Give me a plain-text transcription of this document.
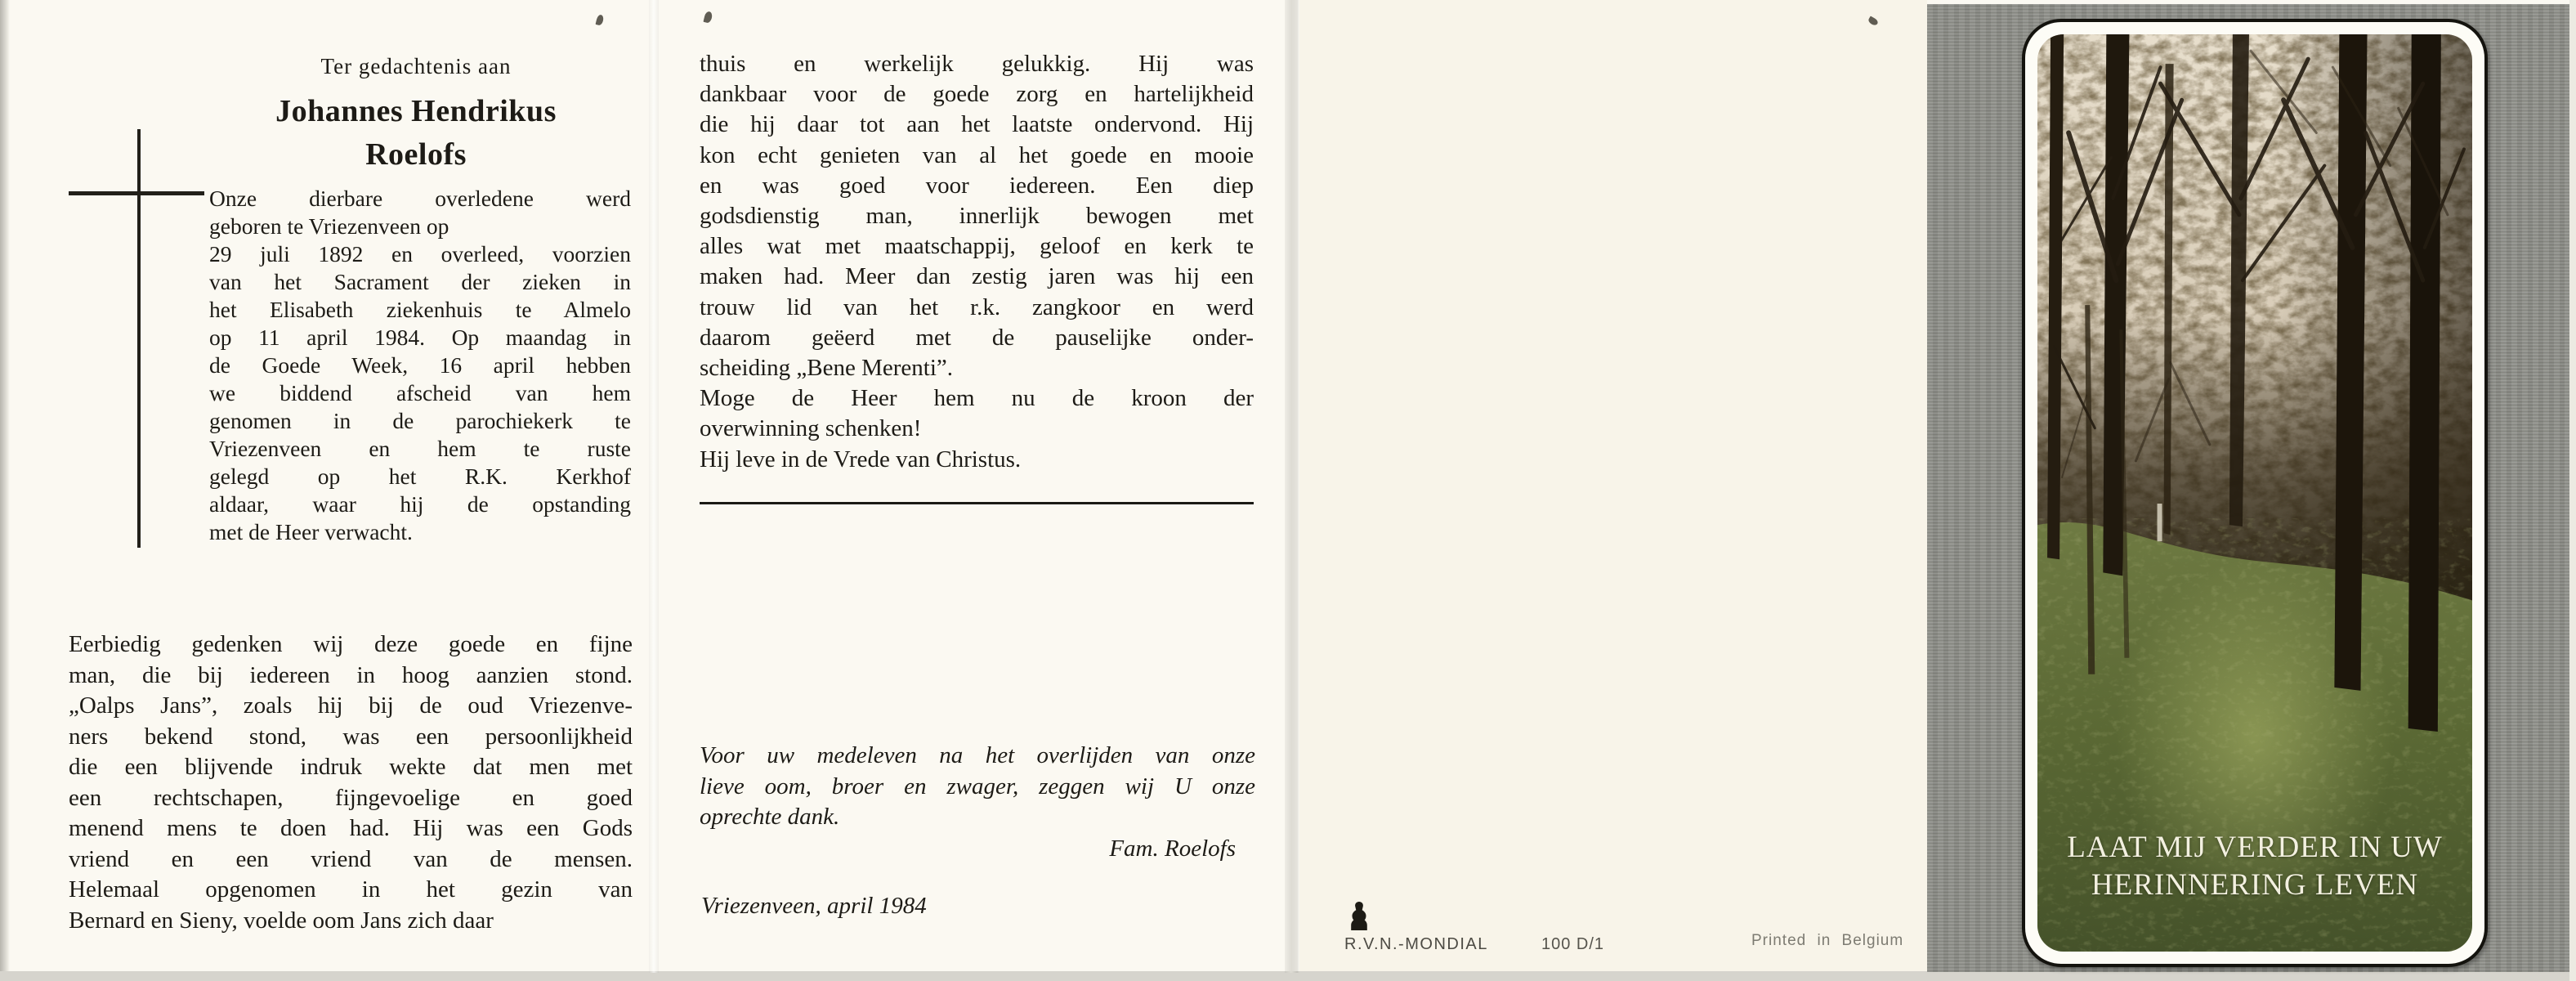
Ter gedachtenis aan
Johannes Hendrikus
Roelofs
Onze dierbare overledene werd
geboren te Vriezenveen op
29 juli 1892 en overleed, voorzien
van het Sacrament der zieken in
het Elisabeth ziekenhuis te Almelo
op 11 april 1984. Op maandag in
de Goede Week, 16 april hebben
we biddend afscheid van hem
genomen in de parochiekerk te
Vriezenveen en hem te ruste
gelegd op het R.K. Kerkhof
aldaar, waar hij de opstanding
met de Heer verwacht.
Eerbiedig gedenken wij deze goede en fijne
man, die bij iedereen in hoog aanzien stond.
„Oalps Jans”, zoals hij bij de oud Vriezenve-
ners bekend stond, was een persoonlijkheid
die een blijvende indruk wekte dat men met
een rechtschapen, fijngevoelige en goed
menend mens te doen had. Hij was een Gods
vriend en een vriend van de mensen.
Helemaal opgenomen in het gezin van
Bernard en Sieny, voelde oom Jans zich daar
thuis en werkelijk gelukkig. Hij was
dankbaar voor de goede zorg en hartelijkheid
die hij daar tot aan het laatste ondervond. Hij
kon echt genieten van al het goede en mooie
en was goed voor iedereen. Een diep
godsdienstig man, innerlijk bewogen met
alles wat met maatschappij, geloof en kerk te
maken had. Meer dan zestig jaren was hij een
trouw lid van het r.k. zangkoor en werd
daarom geëerd met de pauselijke onder-
scheiding „Bene Merenti”.
Moge de Heer hem nu de kroon der
overwinning schenken!
Hij leve in de Vrede van Christus.
Voor uw medeleven na het overlijden van onze
lieve oom, broer en zwager, zeggen wij U onze
oprechte dank.
Fam. Roelofs
Vriezenveen, april 1984
R.V.N.-MONDIAL	100 D/1	Printed in Belgium
LAAT MIJ VERDER IN UW
HERINNERING LEVEN
